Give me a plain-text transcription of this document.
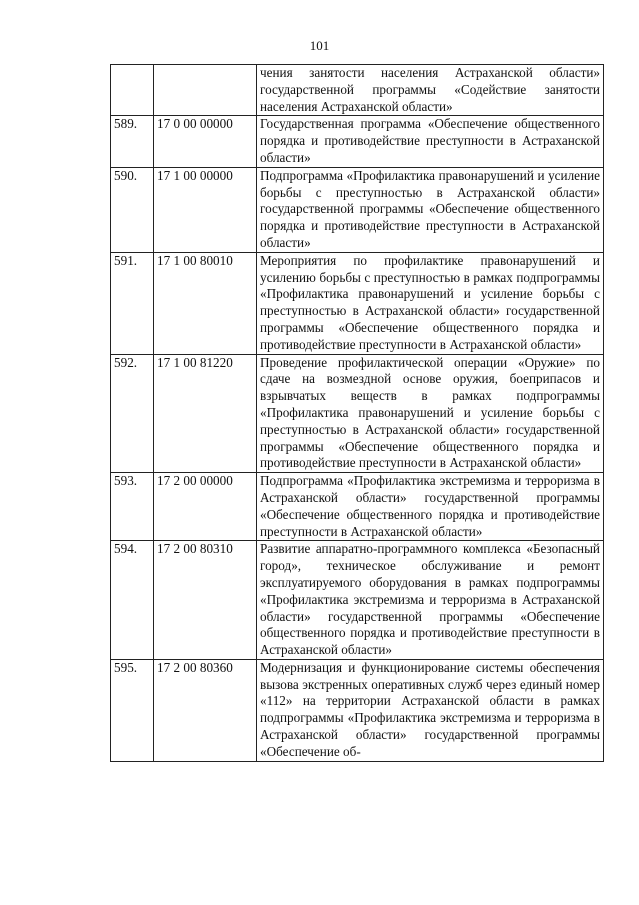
101
		чения занятости населения Астраханской области» государственной программы «Содействие занятости населения Астраханской области»
589.	17 0 00 00000	Государственная программа «Обеспечение общественного порядка и противодействие преступности в Астраханской области»
590.	17 1 00 00000	Подпрограмма «Профилактика правонарушений и усиление борьбы с преступностью в Астраханской области» государственной программы «Обеспечение общественного порядка и противодействие преступности в Астраханской области»
591.	17 1 00 80010	Мероприятия по профилактике правонарушений и усилению борьбы с преступностью в рамках подпрограммы «Профилактика правонарушений и усиление борьбы с преступностью в Астраханской области» государственной программы «Обеспечение общественного порядка и противодействие преступности в Астраханской области»
592.	17 1 00 81220	Проведение профилактической операции «Оружие» по сдаче на возмездной основе оружия, боеприпасов и взрывчатых веществ в рамках подпрограммы «Профилактика правонарушений и усиление борьбы с преступностью в Астраханской области» государственной программы «Обеспечение общественного порядка и противодействие преступности в Астраханской области»
593.	17 2 00 00000	Подпрограмма «Профилактика экстремизма и терроризма в Астраханской области» государственной программы «Обеспечение общественного порядка и противодействие преступности в Астраханской области»
594.	17 2 00 80310	Развитие аппаратно-программного комплекса «Безопасный город», техническое обслуживание и ремонт эксплуатируемого оборудования в рамках подпрограммы «Профилактика экстремизма и терроризма в Астраханской области» государственной программы «Обеспечение общественного порядка и противодействие преступности в Астраханской области»
595.	17 2 00 80360	Модернизация и функционирование системы обеспечения вызова экстренных оперативных служб через единый номер «112» на территории Астраханской области в рамках подпрограммы «Профилактика экстремизма и терроризма в Астраханской области» государственной программы «Обеспечение об-
